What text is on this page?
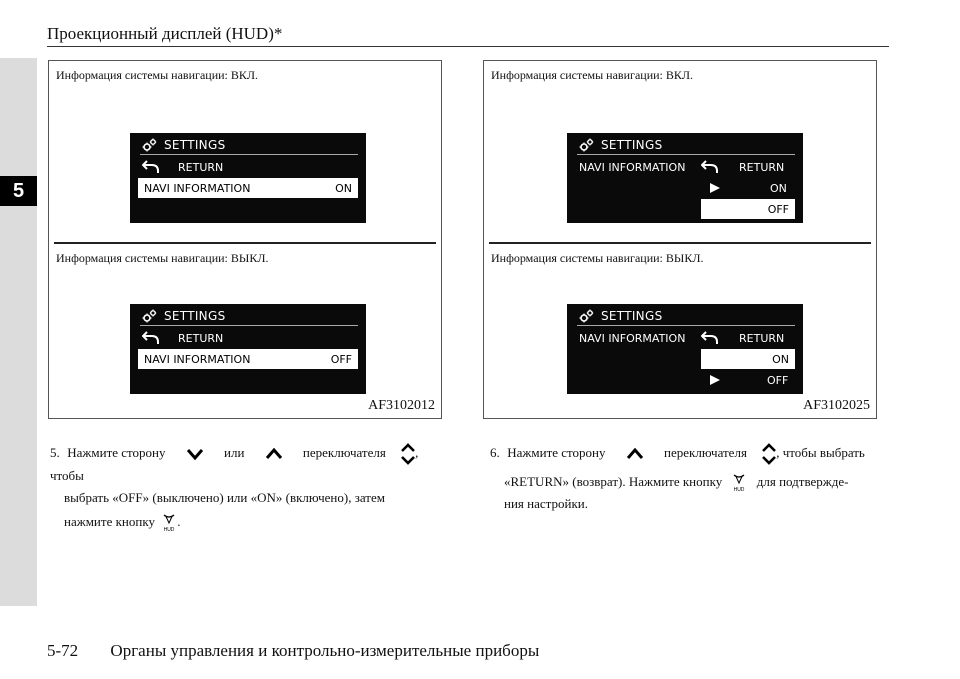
5
Проекционный дисплей (HUD)*
Информация системы навигации: ВКЛ.
SETTINGS
RETURN
NAVI INFORMATION	ON
Информация системы навигации: ВЫКЛ.
SETTINGS
RETURN
NAVI INFORMATION	OFF
AF3102012
Информация системы навигации: ВКЛ.
SETTINGS
NAVI INFORMATION	RETURN
ON
OFF
Информация системы навигации: ВЫКЛ.
SETTINGS
NAVI INFORMATION	RETURN
ON
OFF
AF3102025
5. Нажмите сторону	или	переключателя , чтобы
выбрать «OFF» (выключено) или «ON» (включено), затем
нажмите кнопку
HUD
.
6. Нажмите сторону	переключателя , чтобы выбрать
«RETURN» (возврат). Нажмите кнопку
HUD
для подтвержде-
ния настройки.
5-72 Органы управления и контрольно-измерительные приборы
